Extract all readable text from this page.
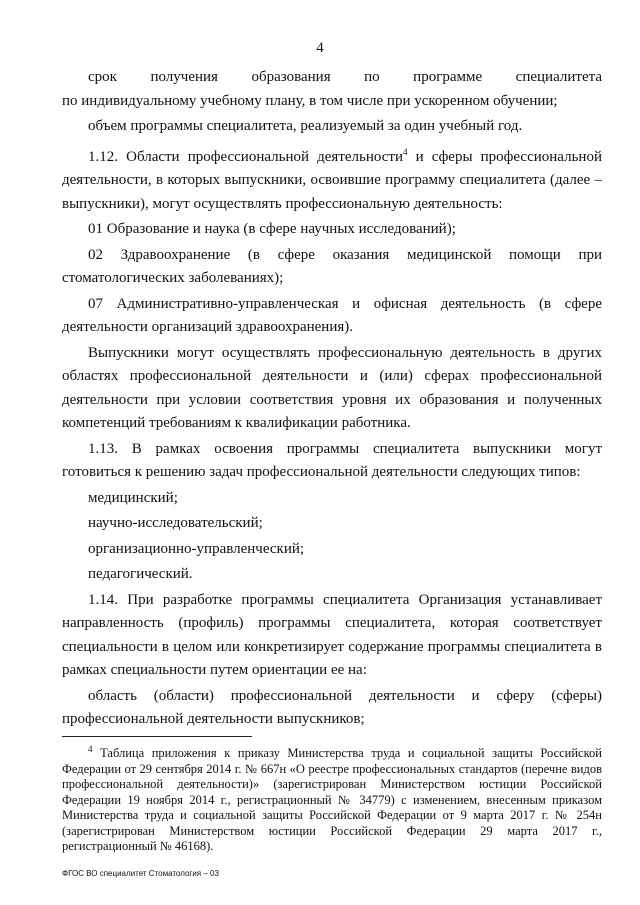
4

срок получения образования по программе специалитета

по индивидуальному учебному плану, в том числе при ускоренном обучении;

объем программы специалитета, реализуемый за один учебный год.

1.12. Области профессиональной деятельности$^4$ и сферы профессиональной деятельности, в которых выпускники, освоившие программу специалитета (далее – выпускники), могут осуществлять профессиональную деятельность:

01 Образование и наука (в сфере научных исследований);

02 Здравоохранение (в сфере оказания медицинской помощи при стоматологических заболеваниях);

07 Административно-управленческая и офисная деятельность (в сфере деятельности организаций здравоохранения).

Выпускники могут осуществлять профессиональную деятельность в других областях профессиональной деятельности и (или) сферах профессиональной деятельности при условии соответствия уровня их образования и полученных компетенций требованиям к квалификации работника.

1.13. В рамках освоения программы специалитета выпускники могут готовиться к решению задач профессиональной деятельности следующих типов:

медицинский;

научно-исследовательский;

организационно-управленческий;

педагогический.

1.14. При разработке программы специалитета Организация устанавливает направленность (профиль) программы специалитета, которая соответствует специальности в целом или конкретизирует содержание программы специалитета в рамках специальности путем ориентации ее на:

область (области) профессиональной деятельности и сферу (сферы) профессиональной деятельности выпускников;

$^4$ Таблица приложения к приказу Министерства труда и социальной защиты Российской Федерации от 29 сентября 2014 г. № 667н «О реестре профессиональных стандартов (перечне видов профессиональной деятельности)» (зарегистрирован Министерством юстиции Российской Федерации 19 ноября 2014 г., регистрационный № 34779) с изменением, внесенным приказом Министерства труда и социальной защиты Российской Федерации от 9 марта 2017 г. № 254н (зарегистрирован Министерством юстиции Российской Федерации 29 марта 2017 г., регистрационный № 46168).
ФГОС ВО специалитет Стоматология – 03
